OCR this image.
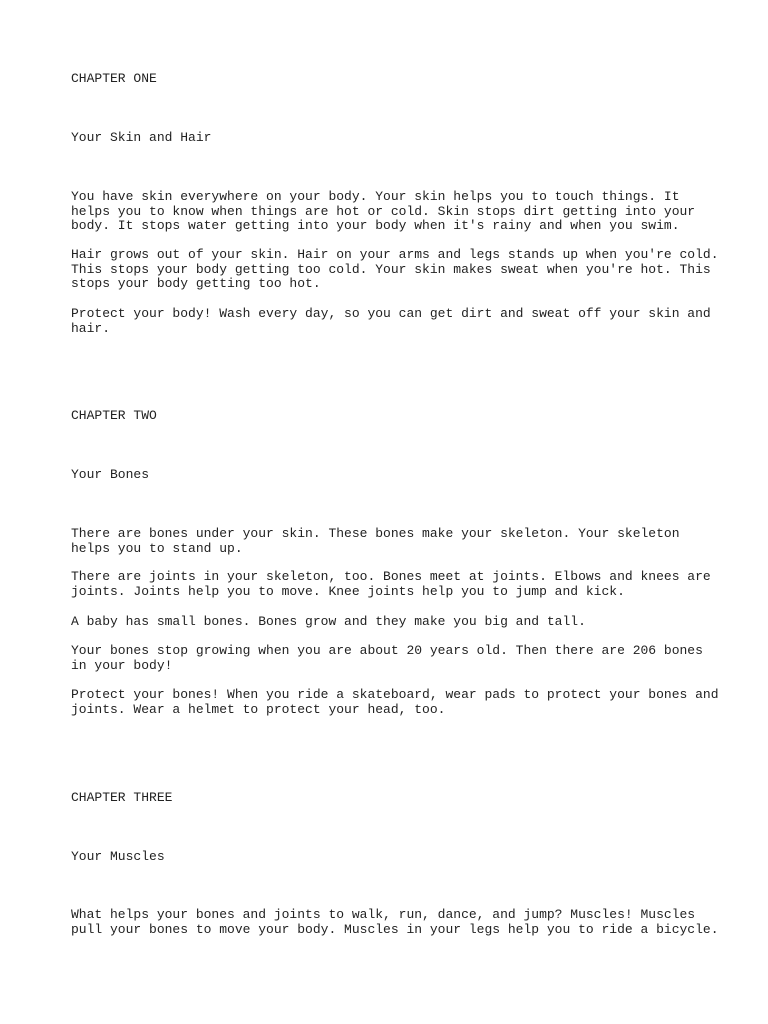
CHAPTER ONE

Your Skin and Hair

You have skin everywhere on your body. Your skin helps you to touch things. It

helps you to know when things are hot or cold. Skin stops dirt getting into your

body. It stops water getting into your body when it's rainy and when you swim.

Hair grows out of your skin. Hair on your arms and legs stands up when you're cold.

This stops your body getting too cold. Your skin makes sweat when you're hot. This

stops your body getting too hot.

Protect your body! Wash every day, so you can get dirt and sweat off your skin and

hair.

CHAPTER TWO

Your Bones

There are bones under your skin. These bones make your skeleton. Your skeleton

helps you to stand up.

There are joints in your skeleton, too. Bones meet at joints. Elbows and knees are

joints. Joints help you to move. Knee joints help you to jump and kick.

A baby has small bones. Bones grow and they make you big and tall.

Your bones stop growing when you are about 20 years old. Then there are 206 bones

in your body!

Protect your bones! When you ride a skateboard, wear pads to protect your bones and

joints. Wear a helmet to protect your head, too.

CHAPTER THREE

Your Muscles

What helps your bones and joints to walk, run, dance, and jump? Muscles! Muscles

pull your bones to move your body. Muscles in your legs help you to ride a bicycle.
